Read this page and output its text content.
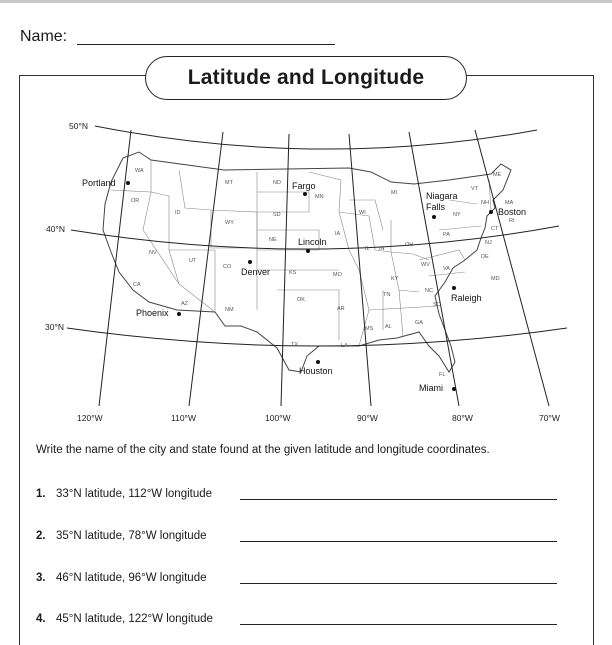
Name:
Latitude and Longitude
50°N
40°N
30°N
120°W	110°W	100°W	90°W	80°W	70°W
WA
OR
CA
NV
ID
MT
WY
UT
AZ
NM
CO
ND
SD
NE
KS
OK
TX
MN
IA
MO
AR
LA
WI
IL
MI
IN
OH
KY
TN
MS AL
GA
FL
SC
NC
VA
WV
PA
NY
VT
NH
ME
MA
RI
CT
NJ
DE
MD
Portland	Fargo
Niagara
Falls	Boston
Lincoln
Denver
Phoenix
Raleigh
Houston
Miami
Write the name of the city and state found at the given latitude and longitude coordinates.
1. 33°N latitude, 112°W longitude
2. 35°N latitude, 78°W longitude
3. 46°N latitude, 96°W longitude
4. 45°N latitude, 122°W longitude
